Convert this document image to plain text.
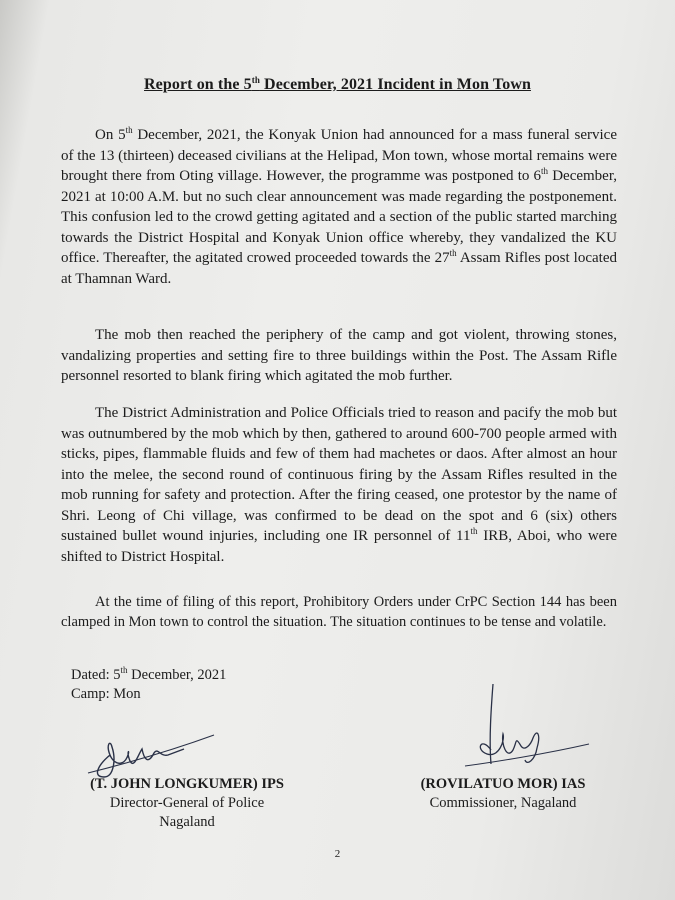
Report on the 5th December, 2021 Incident in Mon Town

On 5th December, 2021, the Konyak Union had announced for a mass funeral service of the 13 (thirteen) deceased civilians at the Helipad, Mon town, whose mortal remains were brought there from Oting village. However, the programme was postponed to 6th December, 2021 at 10:00 A.M. but no such clear announcement was made regarding the postponement. This confusion led to the crowd getting agitated and a section of the public started marching towards the District Hospital and Konyak Union office whereby, they vandalized the KU office. Thereafter, the agitated crowed proceeded towards the 27th Assam Rifles post located at Thamnan Ward.

The mob then reached the periphery of the camp and got violent, throwing stones, vandalizing properties and setting fire to three buildings within the Post. The Assam Rifle personnel resorted to blank firing which agitated the mob further.

The District Administration and Police Officials tried to reason and pacify the mob but was outnumbered by the mob which by then, gathered to around 600-700 people armed with sticks, pipes, flammable fluids and few of them had machetes or daos. After almost an hour into the melee, the second round of continuous firing by the Assam Rifles resulted in the mob running for safety and protection. After the firing ceased, one protestor by the name of Shri. Leong of Chi village, was confirmed to be dead on the spot and 6 (six) others sustained bullet wound injuries, including one IR personnel of 11th IRB, Aboi, who were shifted to District Hospital.

At the time of filing of this report, Prohibitory Orders under CrPC Section 144 has been clamped in Mon town to control the situation. The situation continues to be tense and volatile.

Dated: 5th December, 2021
Camp: Mon
(T. JOHN LONGKUMER) IPS
Director-General of Police
Nagaland
(ROVILATUO MOR) IAS
Commissioner, Nagaland
2
